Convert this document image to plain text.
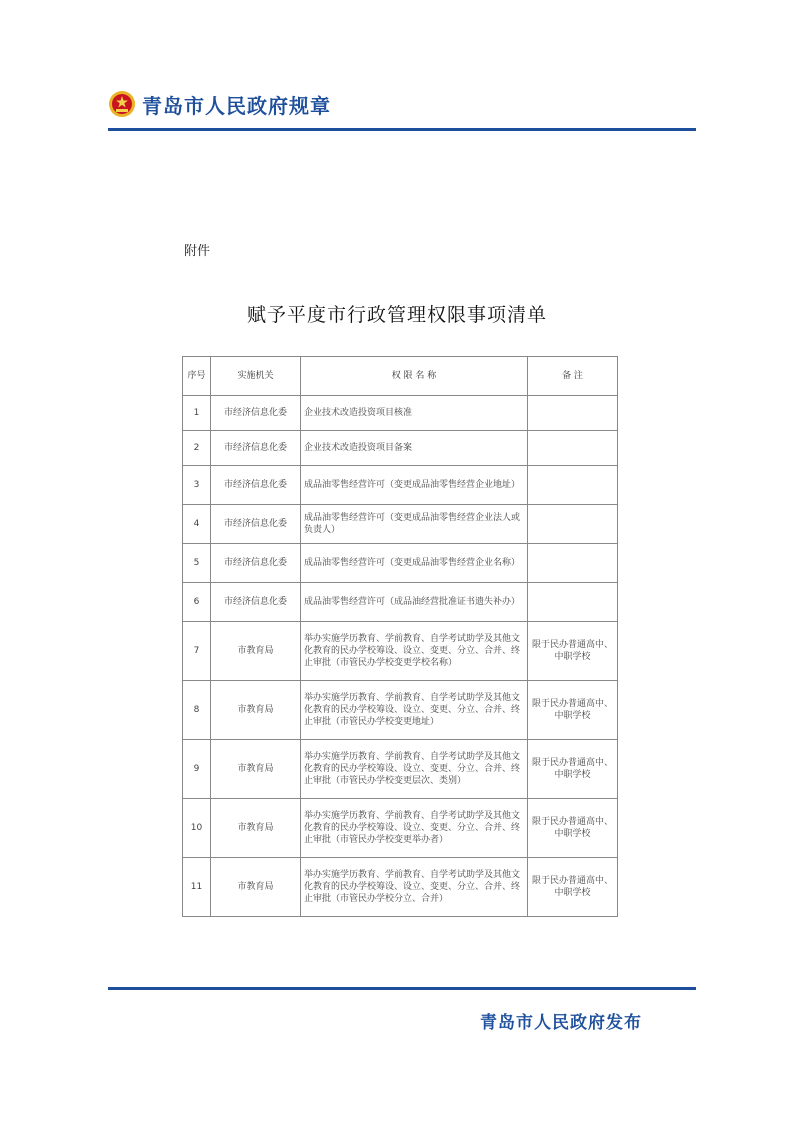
青岛市人民政府规章
附件
赋予平度市行政管理权限事项清单
序号	实施机关	权 限 名 称	备 注
1	市经济信息化委	企业技术改造投资项目核准	
2	市经济信息化委	企业技术改造投资项目备案	
3	市经济信息化委	成品油零售经营许可（变更成品油零售经营企业地址）	
4	市经济信息化委	成品油零售经营许可（变更成品油零售经营企业法人或负责人）	
5	市经济信息化委	成品油零售经营许可（变更成品油零售经营企业名称）	
6	市经济信息化委	成品油零售经营许可（成品油经营批准证书遗失补办）	
7	市教育局	举办实施学历教育、学前教育、自学考试助学及其他文化教育的民办学校筹设、设立、变更、分立、合并、终止审批（市管民办学校变更学校名称）	限于民办普通高中、中职学校
8	市教育局	举办实施学历教育、学前教育、自学考试助学及其他文化教育的民办学校筹设、设立、变更、分立、合并、终止审批（市管民办学校变更地址）	限于民办普通高中、中职学校
9	市教育局	举办实施学历教育、学前教育、自学考试助学及其他文化教育的民办学校筹设、设立、变更、分立、合并、终止审批（市管民办学校变更层次、类别）	限于民办普通高中、中职学校
10	市教育局	举办实施学历教育、学前教育、自学考试助学及其他文化教育的民办学校筹设、设立、变更、分立、合并、终止审批（市管民办学校变更举办者）	限于民办普通高中、中职学校
11	市教育局	举办实施学历教育、学前教育、自学考试助学及其他文化教育的民办学校筹设、设立、变更、分立、合并、终止审批（市管民办学校分立、合并）	限于民办普通高中、中职学校
青岛市人民政府发布
